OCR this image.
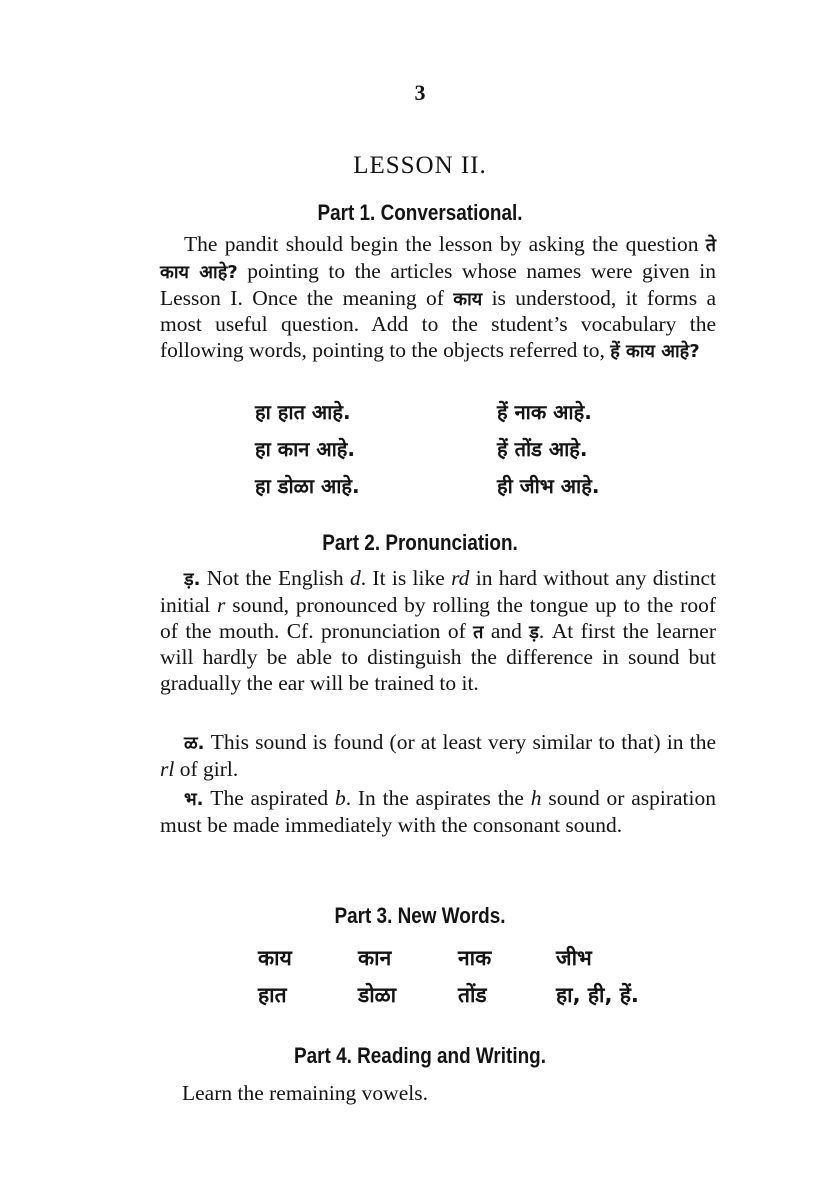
3
LESSON II.
Part 1. Conversational.

The pandit should begin the lesson by asking the question ते काय आहे? pointing to the articles whose names were given in Lesson I. Once the meaning of काय is understood, it forms a most useful question. Add to the student’s vocabulary the following words, pointing to the objects referred to, हें काय आहे?

हा हात आहे.	हें नाक आहे.
हा कान आहे.	हें तोंड आहे.
हा डोळा आहे.	ही जीभ आहे.
Part 2. Pronunciation.

ड़. Not the English d. It is like rd in hard without any distinct initial r sound, pronounced by rolling the tongue up to the roof of the mouth. Cf. pronunciation of त and ड़. At first the learner will hardly be able to distinguish the difference in sound but gradually the ear will be trained to it.

ळ. This sound is found (or at least very similar to that) in the rl of girl.

भ. The aspirated b. In the aspirates the h sound or aspiration must be made immediately with the consonant sound.

Part 3. New Words.
काय	कान	नाक	जीभ
हात	डोळा	तोंड	हा, ही, हें.
Part 4. Reading and Writing.
Learn the remaining vowels.
